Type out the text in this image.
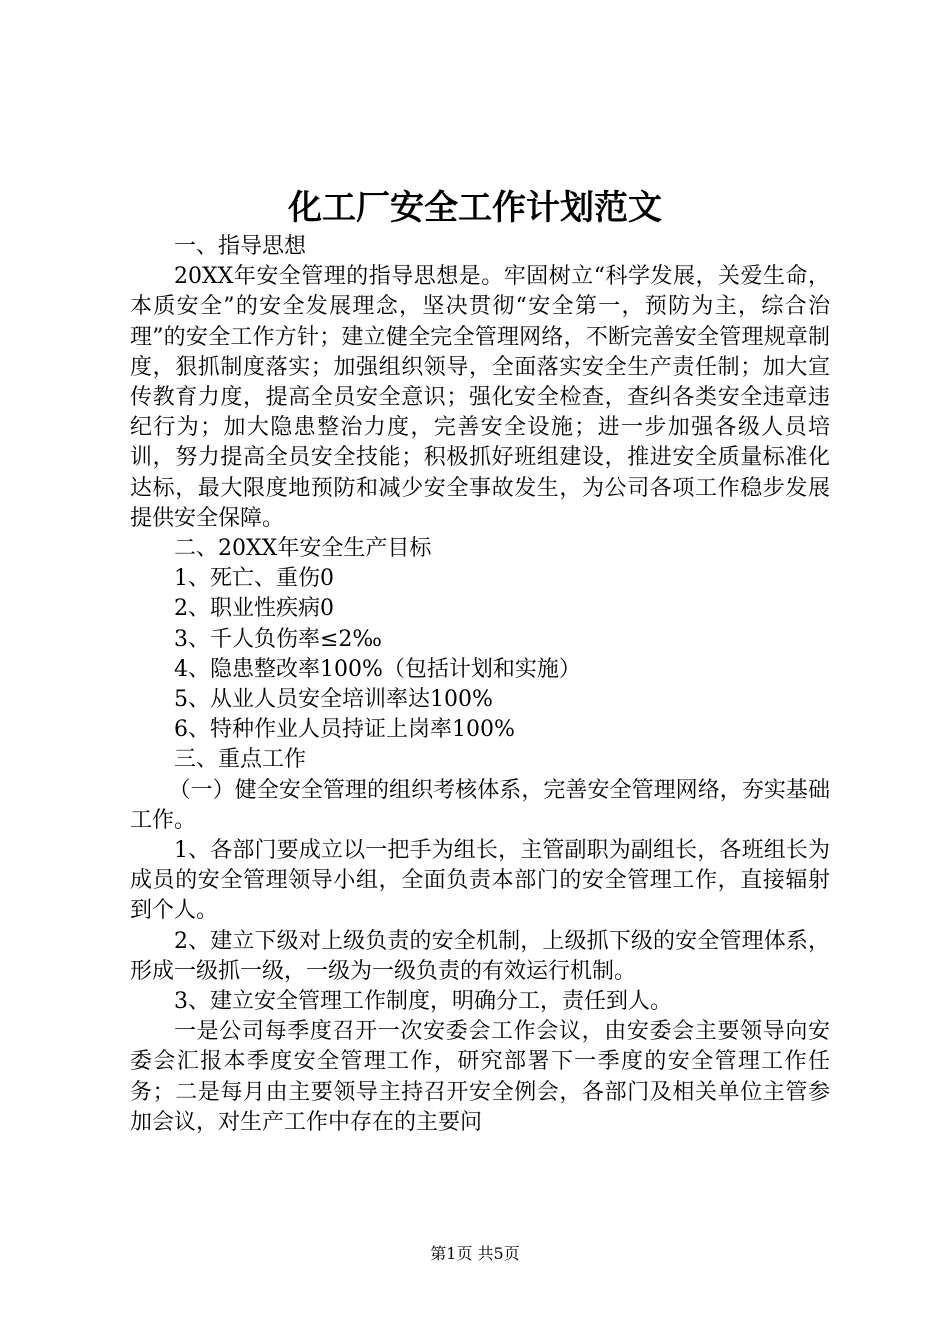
化工厂安全工作计划范文

一、指导思想

20XX年安全管理的指导思想是。牢固树立“科学发展，关爱生命，本质安全”的安全发展理念，坚决贯彻“安全第一，预防为主，综合治理”的安全工作方针；建立健全完全管理网络，不断完善安全管理规章制度，狠抓制度落实；加强组织领导，全面落实安全生产责任制；加大宣传教育力度，提高全员安全意识；强化安全检查，查纠各类安全违章违纪行为；加大隐患整治力度，完善安全设施；进一步加强各级人员培训，努力提高全员安全技能；积极抓好班组建设，推进安全质量标准化达标，最大限度地预防和减少安全事故发生，为公司各项工作稳步发展提供安全保障。

二、20XX年安全生产目标

1、死亡、重伤0

2、职业性疾病0

3、千人负伤率≤2‰

4、隐患整改率100%（包括计划和实施）

5、从业人员安全培训率达100%

6、特种作业人员持证上岗率100%

三、重点工作

（一）健全安全管理的组织考核体系，完善安全管理网络，夯实基础工作。

1、各部门要成立以一把手为组长，主管副职为副组长，各班组长为成员的安全管理领导小组，全面负责本部门的安全管理工作，直接辐射到个人。

2、建立下级对上级负责的安全机制，上级抓下级的安全管理体系，形成一级抓一级，一级为一级负责的有效运行机制。

3、建立安全管理工作制度，明确分工，责任到人。

一是公司每季度召开一次安委会工作会议，由安委会主要领导向安委会汇报本季度安全管理工作，研究部署下一季度的安全管理工作任务；二是每月由主要领导主持召开安全例会，各部门及相关单位主管参加会议，对生产工作中存在的主要问

第1页 共5页
